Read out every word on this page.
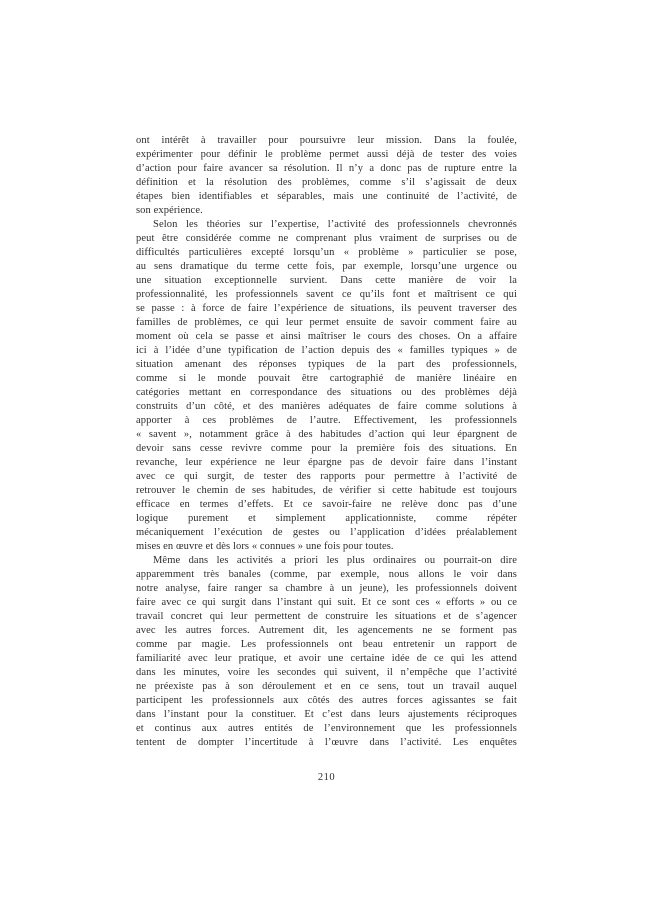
ont intérêt à travailler pour poursuivre leur mission. Dans la foulée,
expérimenter pour définir le problème permet aussi déjà de tester des voies
d’action pour faire avancer sa résolution. Il n’y a donc pas de rupture entre la
définition et la résolution des problèmes, comme s’il s’agissait de deux
étapes bien identifiables et séparables, mais une continuité de l’activité, de
son expérience.
Selon les théories sur l’expertise, l’activité des professionnels chevronnés
peut être considérée comme ne comprenant plus vraiment de surprises ou de
difficultés particulières excepté lorsqu’un « problème » particulier se pose,
au sens dramatique du terme cette fois, par exemple, lorsqu’une urgence ou
une situation exceptionnelle survient. Dans cette manière de voir la
professionnalité, les professionnels savent ce qu’ils font et maîtrisent ce qui
se passe : à force de faire l’expérience de situations, ils peuvent traverser des
familles de problèmes, ce qui leur permet ensuite de savoir comment faire au
moment où cela se passe et ainsi maîtriser le cours des choses. On a affaire
ici à l’idée d’une typification de l’action depuis des « familles typiques » de
situation amenant des réponses typiques de la part des professionnels,
comme si le monde pouvait être cartographié de manière linéaire en
catégories mettant en correspondance des situations ou des problèmes déjà
construits d’un côté, et des manières adéquates de faire comme solutions à
apporter à ces problèmes de l’autre. Effectivement, les professionnels
« savent », notamment grâce à des habitudes d’action qui leur épargnent de
devoir sans cesse revivre comme pour la première fois des situations. En
revanche, leur expérience ne leur épargne pas de devoir faire dans l’instant
avec ce qui surgit, de tester des rapports pour permettre à l’activité de
retrouver le chemin de ses habitudes, de vérifier si cette habitude est toujours
efficace en termes d’effets. Et ce savoir-faire ne relève donc pas d’une
logique purement et simplement applicationniste, comme répéter
mécaniquement l’exécution de gestes ou l’application d’idées préalablement
mises en œuvre et dès lors « connues » une fois pour toutes.
Même dans les activités a priori les plus ordinaires ou pourrait-on dire
apparemment très banales (comme, par exemple, nous allons le voir dans
notre analyse, faire ranger sa chambre à un jeune), les professionnels doivent
faire avec ce qui surgit dans l’instant qui suit. Et ce sont ces « efforts » ou ce
travail concret qui leur permettent de construire les situations et de s’agencer
avec les autres forces. Autrement dit, les agencements ne se forment pas
comme par magie. Les professionnels ont beau entretenir un rapport de
familiarité avec leur pratique, et avoir une certaine idée de ce qui les attend
dans les minutes, voire les secondes qui suivent, il n’empêche que l’activité
ne préexiste pas à son déroulement et en ce sens, tout un travail auquel
participent les professionnels aux côtés des autres forces agissantes se fait
dans l’instant pour la constituer. Et c’est dans leurs ajustements réciproques
et continus aux autres entités de l’environnement que les professionnels
tentent de dompter l’incertitude à l’œuvre dans l’activité. Les enquêtes
210
